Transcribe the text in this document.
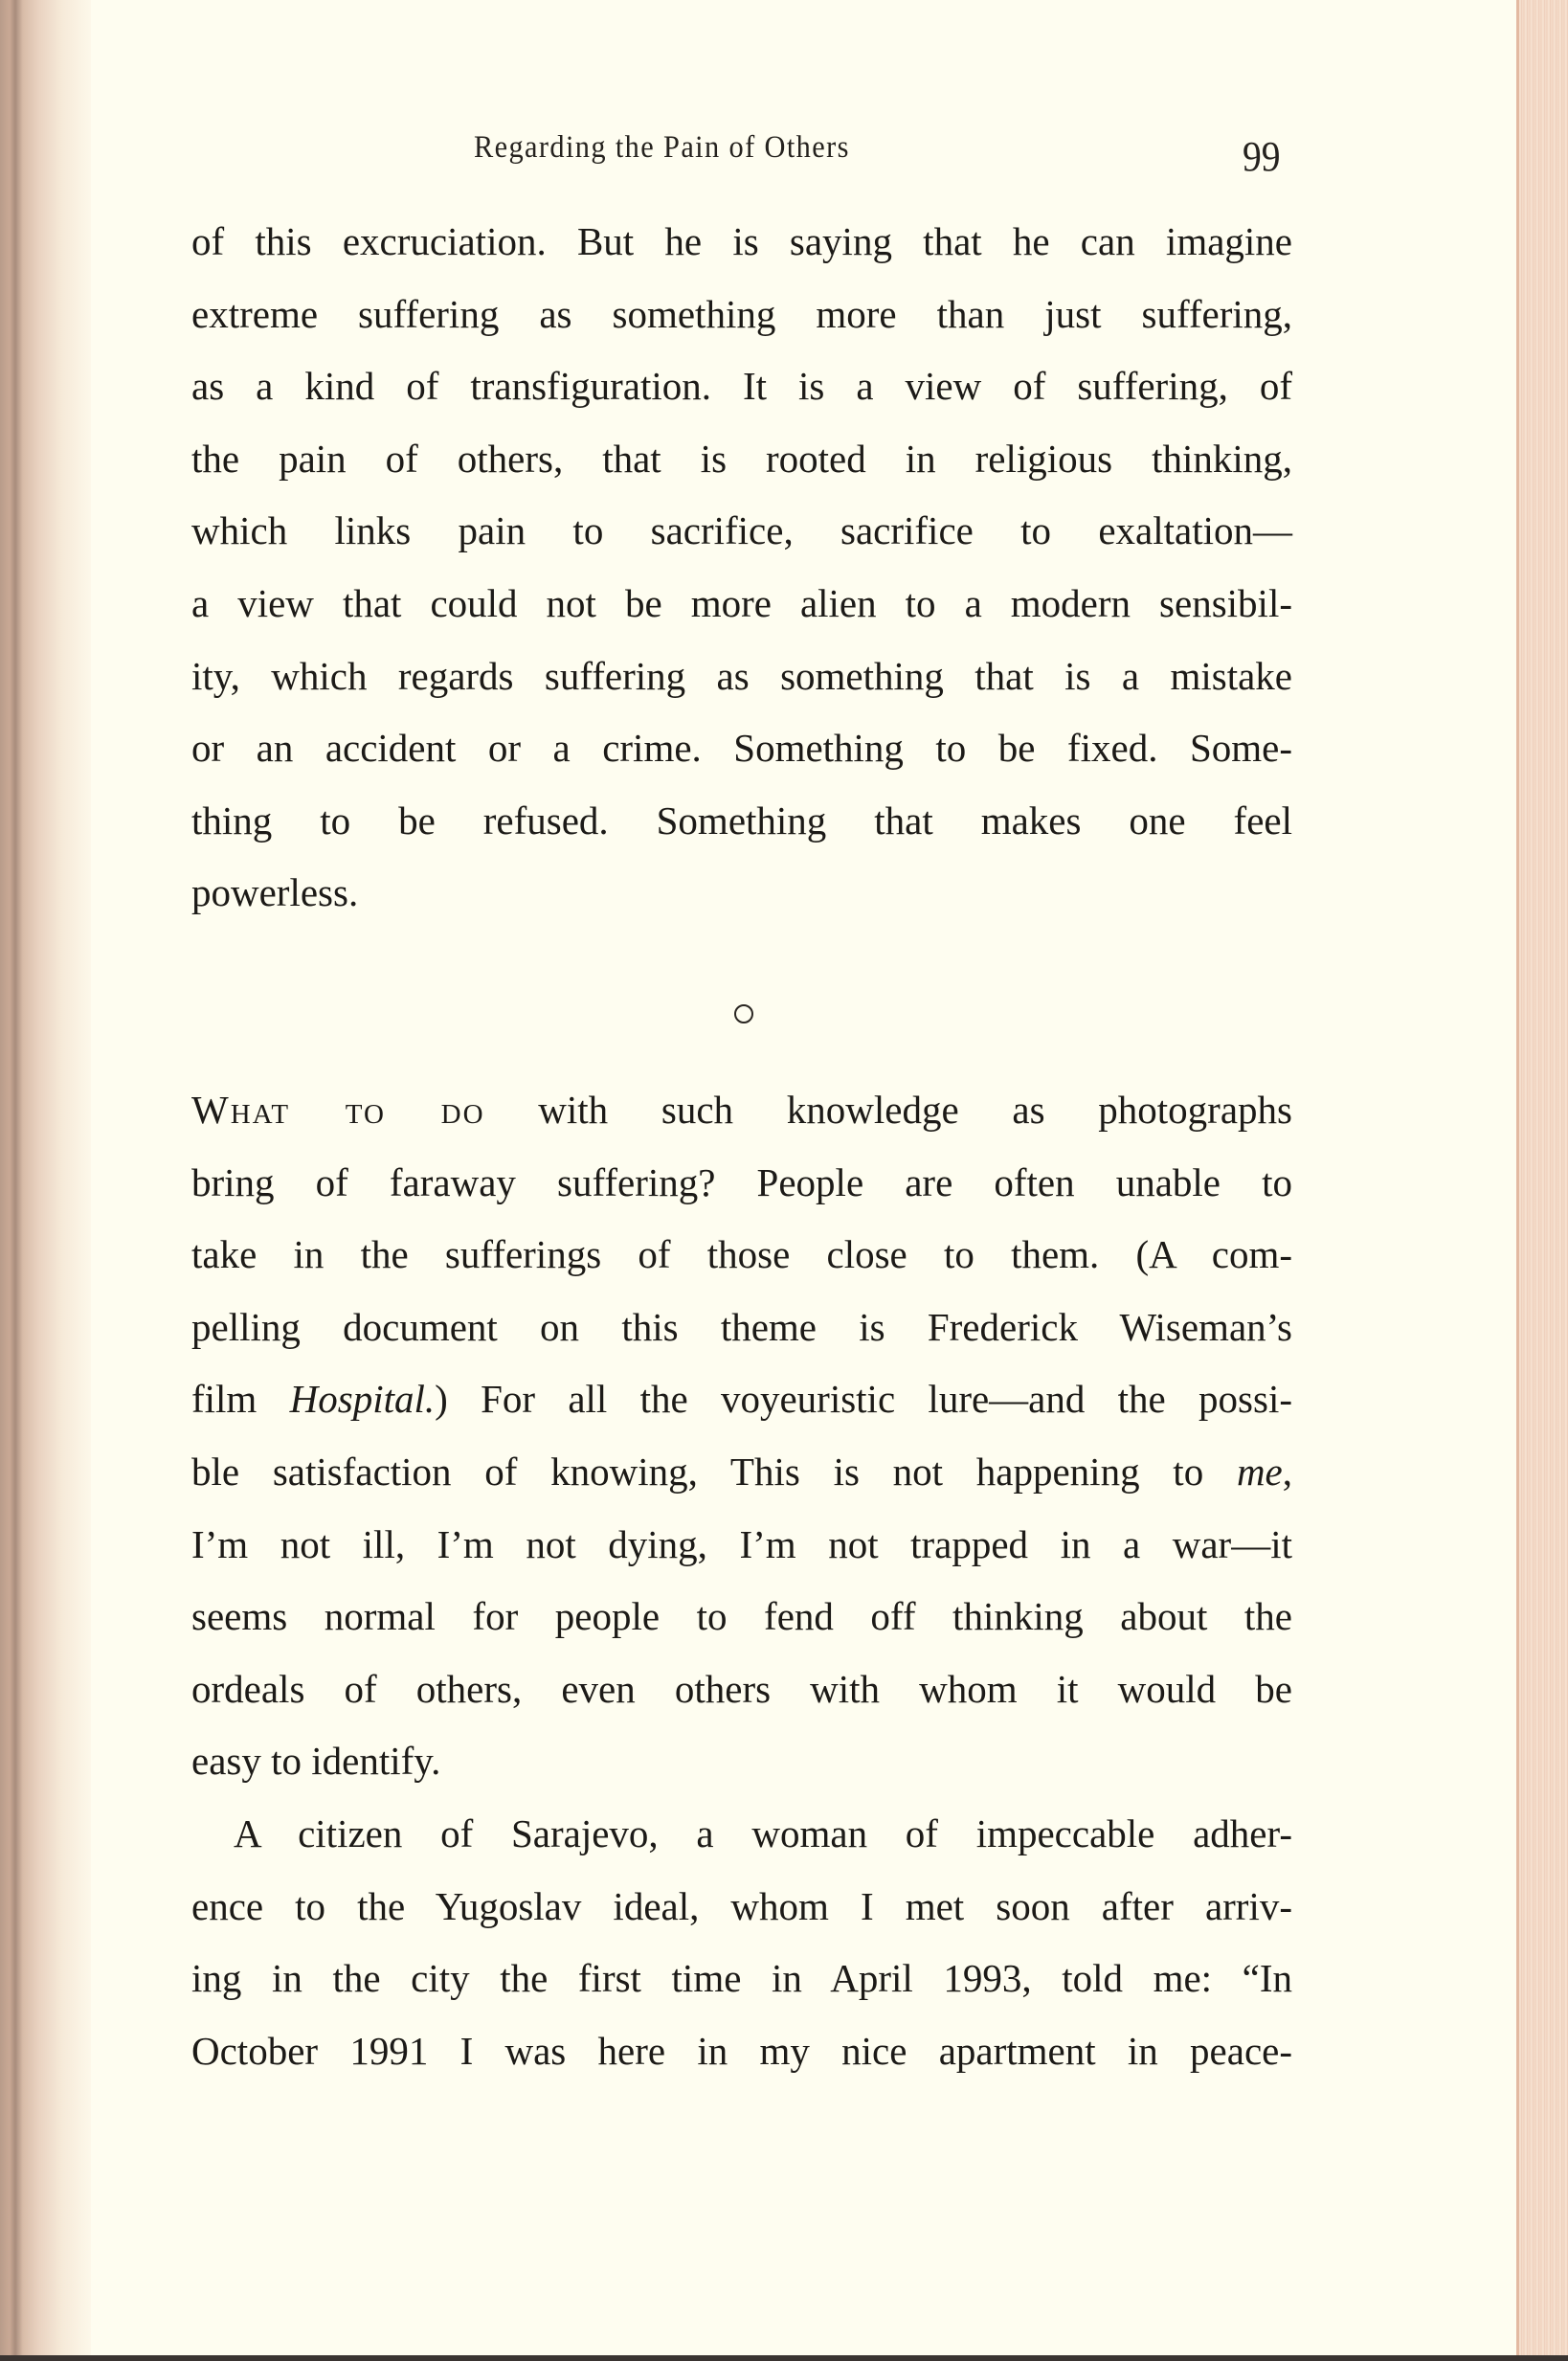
Regarding the Pain of Others	99
of this excruciation. But he is saying that he can imagine
extreme suffering as something more than just suffering,
as a kind of transfiguration. It is a view of suffering, of
the pain of others, that is rooted in religious thinking,
which links pain to sacrifice, sacrifice to exaltation—
a view that could not be more alien to a modern sensibil-
ity, which regards suffering as something that is a mistake
or an accident or a crime. Something to be fixed. Some-
thing to be refused. Something that makes one feel
powerless.
What to do with such knowledge as photographs
bring of faraway suffering? People are often unable to
take in the sufferings of those close to them. (A com-
pelling document on this theme is Frederick Wiseman’s
film Hospital.) For all the voyeuristic lure—and the possi-
ble satisfaction of knowing, This is not happening to me,
I’m not ill, I’m not dying, I’m not trapped in a war—it
seems normal for people to fend off thinking about the
ordeals of others, even others with whom it would be
easy to identify.
A citizen of Sarajevo, a woman of impeccable adher-
ence to the Yugoslav ideal, whom I met soon after arriv-
ing in the city the first time in April 1993, told me: “In
October 1991 I was here in my nice apartment in peace-
